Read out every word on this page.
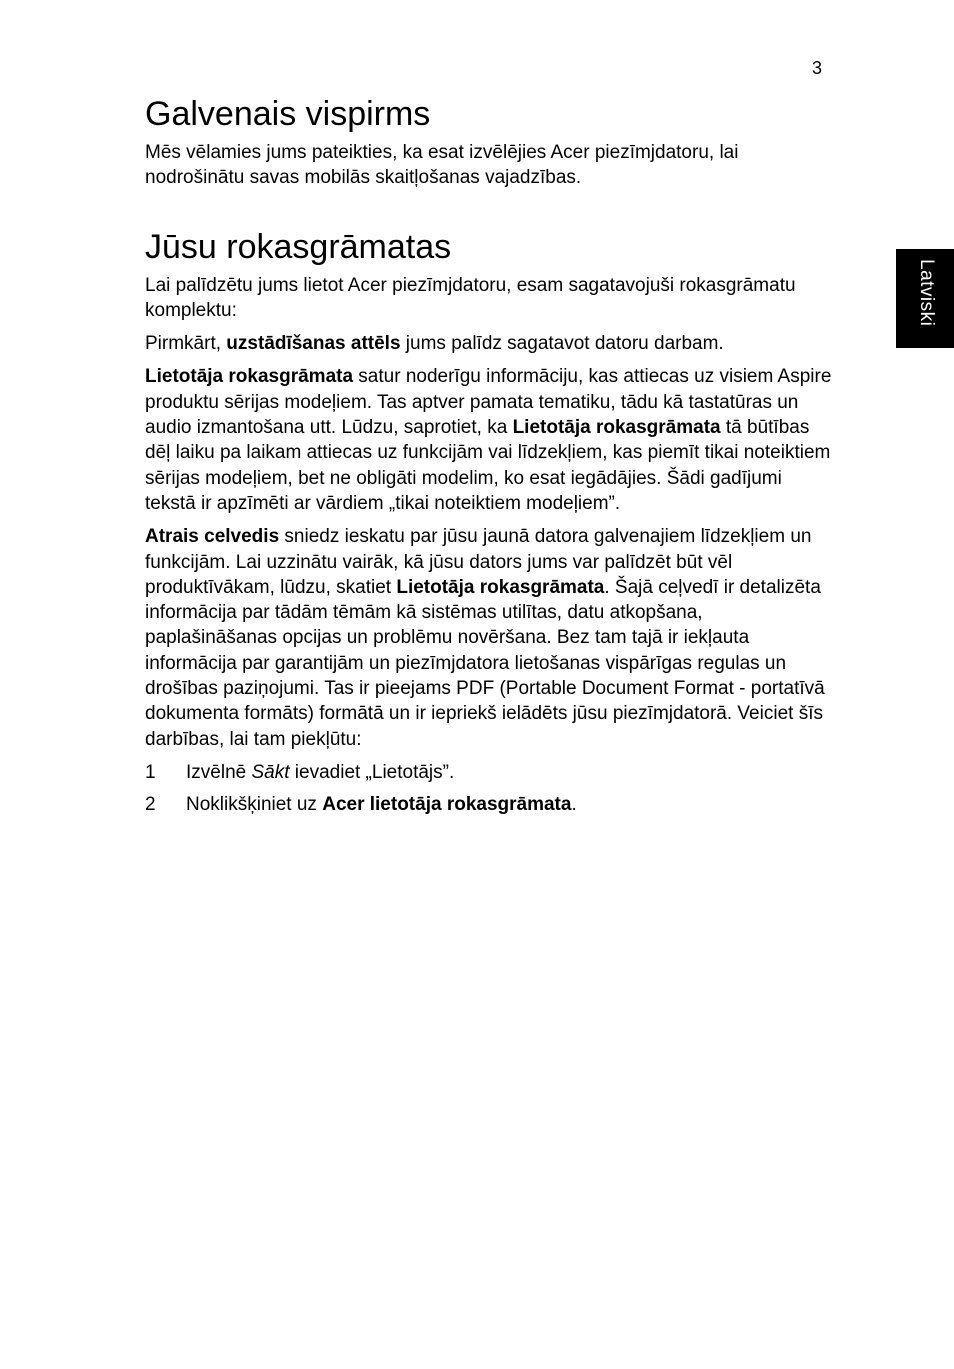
3
Latviski
Galvenais vispirms

Mēs vēlamies jums pateikties, ka esat izvēlējies Acer piezīmjdatoru, lai nodrošinātu savas mobilās skaitļošanas vajadzības.

Jūsu rokasgrāmatas

Lai palīdzētu jums lietot Acer piezīmjdatoru, esam sagatavojuši rokasgrāmatu komplektu:

Pirmkārt, uzstādīšanas attēls jums palīdz sagatavot datoru darbam.

Lietotāja rokasgrāmata satur noderīgu informāciju, kas attiecas uz visiem Aspire produktu sērijas modeļiem. Tas aptver pamata tematiku, tādu kā tastatūras un audio izmantošana utt. Lūdzu, saprotiet, ka Lietotāja rokasgrāmata tā būtības dēļ laiku pa laikam attiecas uz funkcijām vai līdzekļiem, kas piemīt tikai noteiktiem sērijas modeļiem, bet ne obligāti modelim, ko esat iegādājies. Šādi gadījumi tekstā ir apzīmēti ar vārdiem „tikai noteiktiem modeļiem”.

Atrais celvedis sniedz ieskatu par jūsu jaunā datora galvenajiem līdzekļiem un funkcijām. Lai uzzinātu vairāk, kā jūsu dators jums var palīdzēt būt vēl produktīvākam, lūdzu, skatiet Lietotāja rokasgrāmata. Šajā ceļvedī ir detalizēta informācija par tādām tēmām kā sistēmas utilītas, datu atkopšana, paplašināšanas opcijas un problēmu novēršana. Bez tam tajā ir iekļauta informācija par garantijām un piezīmjdatora lietošanas vispārīgas regulas un drošības paziņojumi. Tas ir pieejams PDF (Portable Document Format - portatīvā dokumenta formāts) formātā un ir iepriekš ielādēts jūsu piezīmjdatorā. Veiciet šīs darbības, lai tam piekļūtu:

1 Izvēlnē Sākt ievadiet „Lietotājs”.
2 Noklikšķiniet uz Acer lietotāja rokasgrāmata.
